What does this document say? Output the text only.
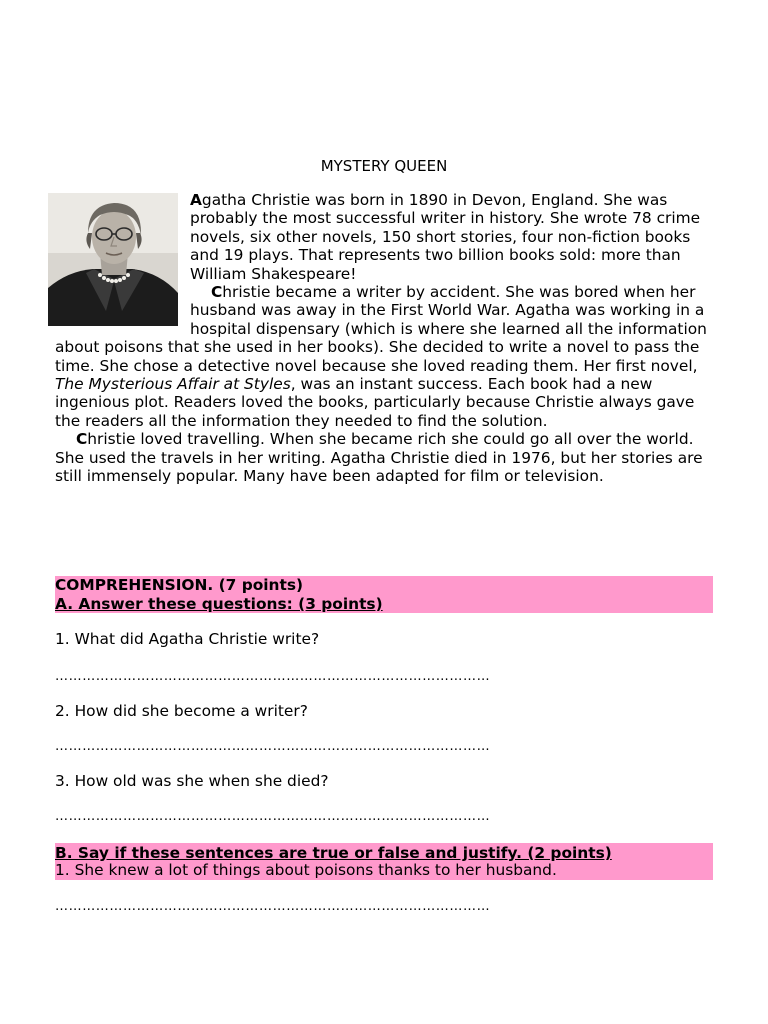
MYSTERY QUEEN

Agatha Christie was born in 1890 in Devon, England. She was probably the most successful writer in history. She wrote 78 crime novels, six other novels, 150 short stories, four non-fiction books and 19 plays. That represents two billion books sold: more than William Shakespeare!

Christie became a writer by accident. She was bored when her husband was away in the First World War. Agatha was working in a hospital dispensary (which is where she learned all the information about poisons that she used in her books). She decided to write a novel to pass the time. She chose a detective novel because she loved reading them. Her first novel, The Mysterious Affair at Styles, was an instant success. Each book had a new ingenious plot. Readers loved the books, particularly because Christie always gave the readers all the information they needed to find the solution.

Christie loved travelling. When she became rich she could go all over the world. She used the travels in her writing. Agatha Christie died in 1976, but her stories are still immensely popular. Many have been adapted for film or television.

COMPREHENSION. (7 points)
A. Answer these questions: (3 points)
1. What did Agatha Christie write?
……………………………………………………………………………………
2. How did she become a writer?
……………………………………………………………………………………
3. How old was she when she died?
……………………………………………………………………………………
B. Say if these sentences are true or false and justify. (2 points)
1. She knew a lot of things about poisons thanks to her husband.
……………………………………………………………………………………
